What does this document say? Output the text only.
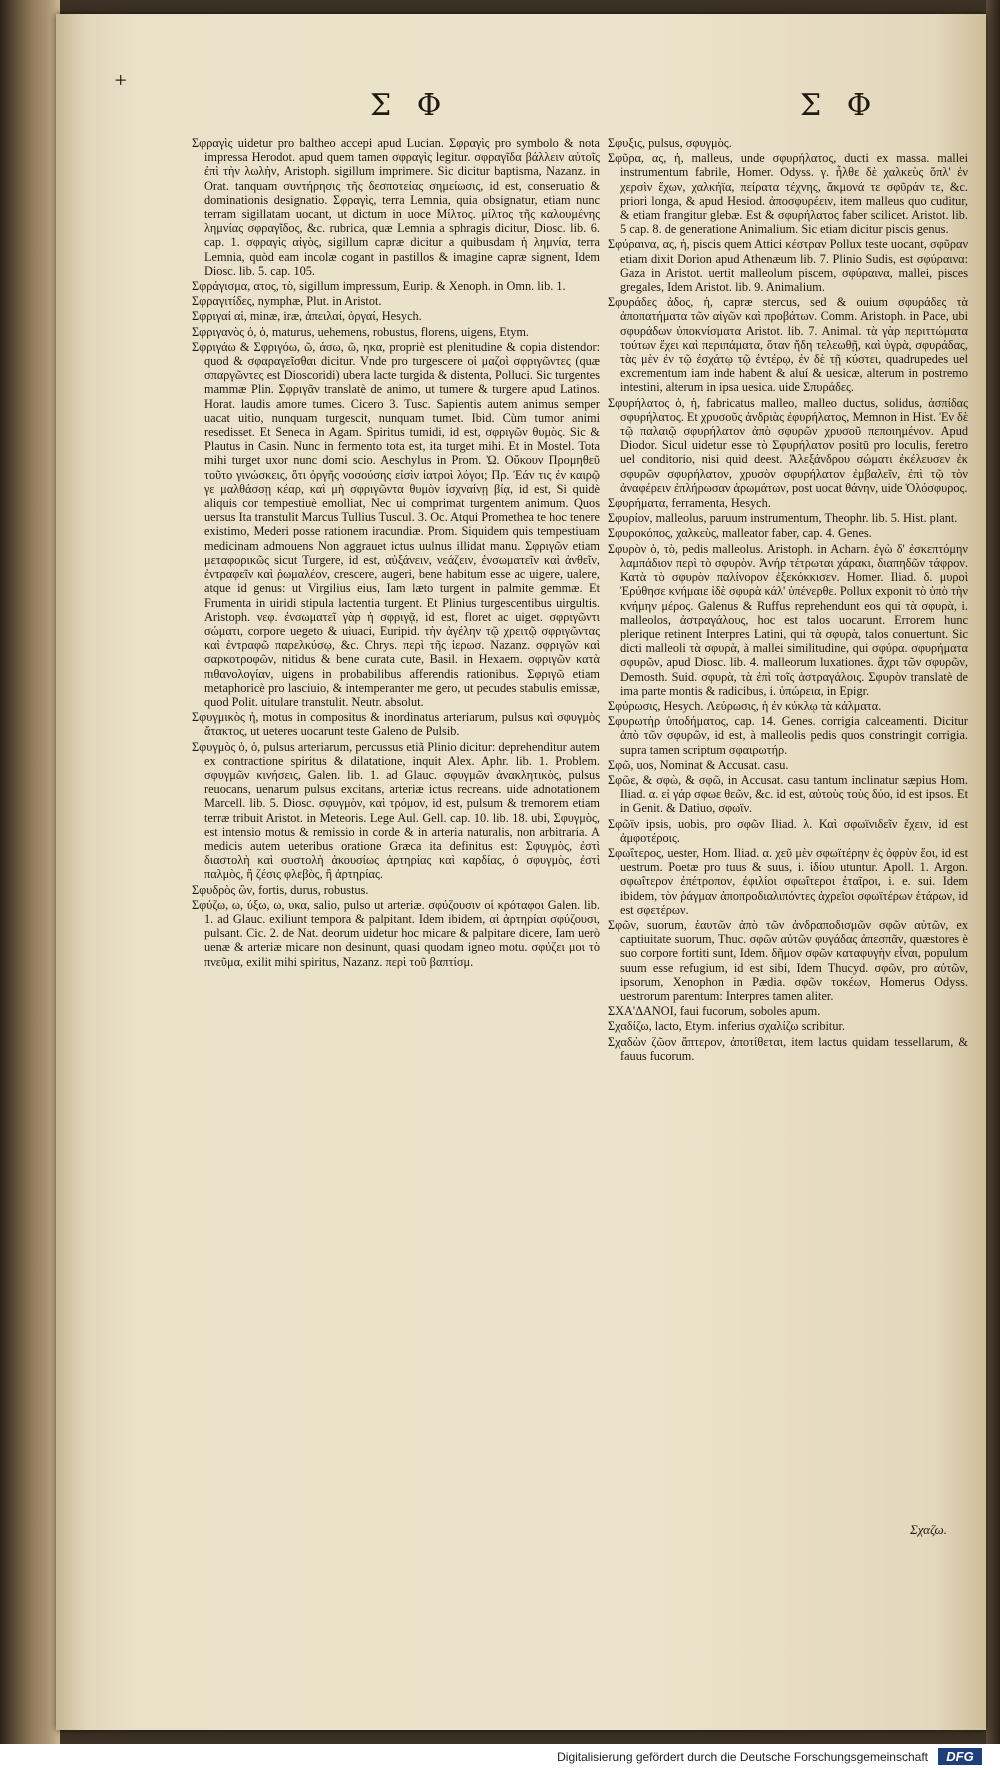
+
Σ Φ	Σ Φ

Σφραγὶς uidetur pro baltheo accepi apud Lucian. Σφραγὶς pro symbolo & nota impressa Herodot. apud quem tamen σφραγὶς legitur. σφραγῖδα βάλλειν αὐτοῖς ἐπὶ τὴν λωλὴν, Aristoph. sigillum imprimere. Sic dicitur baptisma, Nazanz. in Orat. tanquam συντήρησις τῆς δεσποτείας σημείωσις, id est, conseruatio & dominationis designatio. Σφραγὶς, terra Lemnia, quia obsignatur, etiam nunc terram sigillatam uocant, ut dictum in uoce Μίλτος. μίλτος τῆς καλουμένης λημνίας σφραγῖδος, &c. rubrica, quæ Lemnia a sphragis dicitur, Diosc. lib. 6. cap. 1. σφραγὶς αἰγὸς, sigillum capræ dicitur a quibusdam ἡ λημνία, terra Lemnia, quòd eam incolæ cogant in pastillos & imagine capræ signent, Idem Diosc. lib. 5. cap. 105.

Σφράγισμα, ατος, τὸ, sigillum impressum, Eurip. & Xenoph. in Omn. lib. 1.

Σφραγιτίδες, nymphæ, Plut. in Aristot.

Σφριγαί αἱ, minæ, iræ, ἀπειλαί, ὀργαί, Hesych.

Σφριγανὸς ὁ, ὁ, maturus, uehemens, robustus, florens, uigens, Etym.

Σφριγάω & Σφριγόω, ῶ, άσω, ῶ, ηκα, propriè est plenitudine & copia distendor: quod & σφαραγεῖσθαι dicitur. Vnde pro turgescere οἱ μαζοὶ σφριγῶντες (quæ σπαργῶντες est Dioscoridi) ubera lacte turgida & distenta, Polluci. Sic turgentes mammæ Plin. Σφριγᾶν translatè de animo, ut tumere & turgere apud Latinos. Horat. laudis amore tumes. Cicero 3. Tusc. Sapientis autem animus semper uacat uitio, nunquam turgescit, nunquam tumet. Ibid. Cùm tumor animi resedisset. Et Seneca in Agam. Spiritus tumidi, id est, σφριγῶν θυμὸς. Sic & Plautus in Casin. Nunc in fermento tota est, ita turget mihi. Et in Mostel. Tota mihi turget uxor nunc domi scio. Aeschylus in Prom. Ὠ. Οὔκουν Προμηθεῦ τοῦτο γινώσκεις, ὅτι ὀργῆς νοσούσης εἰσὶν ἰατροὶ λόγοι; Πρ. Ἐάν τις ἐν καιρῷ γε μαλθάσσῃ κέαρ, καὶ μὴ σφριγῶντα θυμὸν ἰσχναίνῃ βίᾳ, id est, Si quidè aliquis cor tempestiuè emolliat, Nec ui comprimat turgentem animum. Quos uersus Ita transtulit Marcus Tullius Tuscul. 3. Oc. Atqui Promethea te hoc tenere existimo, Mederi posse rationem iracundiæ. Prom. Siquidem quis tempestiuam medicinam admouens Non aggrauet ictus uulnus illidat manu. Σφριγῶν etiam μεταφορικῶς sicut Turgere, id est, αὐξάνειν, νεάζειν, ἐνσωματεῖν καὶ ἀνθεῖν, ἐντραφεῖν καὶ ῥωμαλέον, crescere, augeri, bene habitum esse ac uigere, ualere, atque id genus: ut Virgilius eius, Iam læto turgent in palmite gemmæ. Et Frumenta in uiridi stipula lactentia turgent. Et Plinius turgescentibus uirgultis. Aristoph. νεφ. ἐνσωματεῖ γὰρ ἡ σφριγᾷ, id est, floret ac uiget. σφριγῶντι σώματι, corpore uegeto & uiuaci, Euripid. τὴν ἀγέλην τῷ χρειτῷ σφριγῶντας καὶ ἐντραφῶ παρελκύσῳ, &c. Chrys. περὶ τῆς ἱερωσ. Nazanz. σφριγῶν καὶ σαρκοτροφῶν, nitidus & bene curata cute, Basil. in Hexaem. σφριγῶν κατὰ πιθανολογίαν, uigens in probabilibus afferendis rationibus. Σφριγῶ etiam metaphoricè pro lasciuio, & intemperanter me gero, ut pecudes stabulis emissæ, quod Polit. uitulare transtulit. Neutr. absolut.

Σφυγμικὸς ἡ, motus in compositus & inordinatus arteriarum, pulsus καὶ σφυγμὸς ἄτακτος, ut ueteres uocarunt teste Galeno de Pulsib.

Σφυγμὸς ὁ, ὁ, pulsus arteriarum, percussus etiã Plinio dicitur: deprehenditur autem ex contractione spiritus & dilatatione, inquit Alex. Aphr. lib. 1. Problem. σφυγμῶν κινήσεις, Galen. lib. 1. ad Glauc. σφυγμῶν ἀνακλητικὸς, pulsus reuocans, uenarum pulsus excitans, arteriæ ictus recreans. uide adnotationem Marcell. lib. 5. Diosc. σφυγμὸν, καὶ τρόμον, id est, pulsum & tremorem etiam terræ tribuit Aristot. in Meteoris. Lege Aul. Gell. cap. 10. lib. 18. ubi, Σφυγμὸς, est intensio motus & remissio in corde & in arteria naturalis, non arbitraria. A medicis autem ueteribus oratione Græca ita definitus est: Σφυγμὸς, ἐστὶ διαστολὴ καὶ συστολὴ ἀκουσίως ἀρτηρίας καὶ καρδίας, ὁ σφυγμὸς, ἐστὶ παλμὸς, ἢ ζέσις φλεβὸς, ἢ ἀρτηρίας.

Σφυδρὸς ὢν, fortis, durus, robustus.

Σφύζω, ω, ύξω, ω, υκα, salio, pulso ut arteriæ. σφύζουσιν οἱ κρόταφοι Galen. lib. 1. ad Glauc. exiliunt tempora & palpitant. Idem ibidem, αἱ ἀρτηρίαι σφύζουσι, pulsant. Cic. 2. de Nat. deorum uidetur hoc micare & palpitare dicere, Iam uerò uenæ & arteriæ micare non desinunt, quasi quodam igneo motu. σφύζει μοι τὸ πνεῦμα, exilit mihi spiritus, Nazanz. περὶ τοῦ βαπτίσμ.

Σφυξις, pulsus, σφυγμὸς.

Σφῦρα, ας, ἡ, malleus, unde σφυρήλατος, ducti ex massa. mallei instrumentum fabrile, Homer. Odyss. γ. ἦλθε δὲ χαλκεὺς ὅπλ' ἐν χερσὶν ἔχων, χαλκήϊα, πείρατα τέχνης, ἄκμονά τε σφῦράν τε, &c. priori longa, & apud Hesiod. ἀποσφυρέειν, item malleus quo cuditur, & etiam frangitur glebæ. Est & σφυρήλατος faber scilicet. Aristot. lib. 5 cap. 8. de generatione Animalium. Sic etiam dicitur piscis genus.

Σφύραινα, ας, ἡ, piscis quem Attici κέστραν Pollux teste uocant, σφῦραν etiam dixit Dorion apud Athenæum lib. 7. Plinio Sudis, est σφύραινα: Gaza in Aristot. uertit malleolum piscem, σφύραινα, mallei, pisces gregales, Idem Aristot. lib. 9. Animalium.

Σφυράδες ἀδος, ἡ, capræ stercus, sed & ouium σφυράδες τὰ ἀποπατήματα τῶν αἰγῶν καὶ προβάτων. Comm. Aristoph. in Pace, ubi σφυράδων ὑποκνίσματα Aristot. lib. 7. Animal. τὰ γὰρ περιττώματα τούτων ἔχει καὶ περιπάματα, ὅταν ἤδη τελεωθῇ, καὶ ὑγρὰ, σφυράδας, τὰς μὲν ἐν τῷ ἐσχάτῳ τῷ ἐντέρῳ, ἐν δὲ τῇ κύστει, quadrupedes uel excrementum iam inde habent & aluí & uesicæ, alterum in postremo intestini, alterum in ipsa uesica. uide Σπυράδες.

Σφυρήλατος ὁ, ἡ, fabricatus malleo, malleo ductus, solidus, ἀσπίδας σφυρήλατος. Et χρυσοῦς ἀνδριὰς ἐφυρήλατος, Memnon in Hist. Ἐν δὲ τῷ παλαιῷ σφυρήλατον ἀπὸ σφυρῶν χρυσοῦ πεποιημένον. Apud Diodor. Sicul uidetur esse τὸ Σφυρήλατον positū pro loculis, feretro uel conditorio, nisi quid deest. Ἀλεξάνδρου σώματι ἐκέλευσεν ἐκ σφυρῶν σφυρήλατον, χρυσὸν σφυρήλατον ἐμβαλεῖν, ἐπὶ τῷ τὸν ἀναφέρειν ἐπλήρωσαν ἀρωμάτων, post uocat θάνην, uide Ὁλόσφυρος.

Σφυρήματα, ferramenta, Hesych.

Σφυρίον, malleolus, paruum instrumentum, Theophr. lib. 5. Hist. plant.

Σφυροκόπος, χαλκεὺς, malleator faber, cap. 4. Genes.

Σφυρὸν ὁ, τὸ, pedis malleolus. Aristoph. in Acharn. ἐγὼ δ' ἐσκεπτόμην λαμπάδιον περὶ τὸ σφυρὸν. Ἀνήρ τέτρωται χάρακι, διαπηδῶν τάφρον. Κατὰ τὸ σφυρὸν παλίνορον ἐξεκόκκισεν. Homer. Iliad. δ. μυροὶ Ἐρύθησε κνήμαιε ἰδὲ σφυρὰ κάλ' ὑπένερθε. Pollux exponit τὸ ὑπὸ τὴν κνήμην μέρος. Galenus & Ruffus reprehendunt eos qui τὰ σφυρὰ, i. malleolos, ἀστραγάλους, hoc est talos uocarunt. Errorem hunc plerique retinent Interpres Latini, qui τὰ σφυρὰ, talos conuertunt. Sic dicti malleoli τὰ σφυρὰ, à mallei similitudine, qui σφύρα. σφυρήματα σφυρῶν, apud Diosc. lib. 4. malleorum luxationes. ἄχρι τῶν σφυρῶν, Demosth. Suid. σφυρὰ, τὰ ἐπὶ τοῖς ἀστραγάλοις. Σφυρὸν translatè de ima parte montis & radicibus, i. ὑπώρεια, in Epigr.

Σφύρωσις, Hesych. Λεύρωσις, ἡ ἐν κύκλῳ τὰ κάλματα.

Σφυρωτὴρ ὑποδήματος, cap. 14. Genes. corrigia calceamenti. Dicitur ἀπὸ τῶν σφυρῶν, id est, à malleolis pedis quos constringit corrigia. supra tamen scriptum σφαιρωτήρ.

Σφῶ, uos, Nominat & Accusat. casu.

Σφῶε, & σφὼ, & σφῶ, in Accusat. casu tantum inclinatur sæpius Hom. Iliad. α. εἰ γάρ σφωε θεῶν, &c. id est, αὐτοὺς τοὺς δύο, id est ipsos. Et in Genit. & Datiuo, σφωϊν.

Σφῶϊν ipsis, uobis, pro σφῶν Iliad. λ. Καὶ σφωϊνιδεῖν ἔχειν, id est ἀμφοτέροις.

Σφωΐτερος, uester, Hom. Iliad. α. χεῦ μὲν σφωϊτέρην ἐς ὀφρὺν ἕοι, id est uestrum. Poetæ pro tuus & suus, i. ἰδίου utuntur. Apoll. 1. Argon. σφωΐτερον ἐπέτροπον, ἐφιλίοι σφωΐτεροι ἑταῖροι, i. e. sui. Idem ibidem, τὸν ῥάγμαν ἀποπροδιαλιπόντες ἀχρεῖοι σφωϊτέρων ἑτάρων, id est σφετέρων.

Σφῶν, suorum, ἑαυτῶν ἀπὸ τῶν ἀνδραποδισμῶν σφῶν αὐτῶν, ex captiuitate suorum, Thuc. σφῶν αὐτῶν φυγάδας ἀπεσπᾶν, quæstores è suo corpore fortiti sunt, Idem. δῆμον σφῶν καταφυγὴν εἶναι, populum suum esse refugium, id est sibi, Idem Thucyd. σφῶν, pro αὐτῶν, ipsorum, Xenophon in Pædia. σφῶν τοκέων, Homerus Odyss. uestrorum parentum: Interpres tamen aliter.

ΣΧΑ'ΔΑΝΟΙ, faui fucorum, soboles apum.

Σχαδίζω, lacto, Etym. inferius σχαλίζω scribitur.

Σχαδὼν ζῶον ἄπτερον, ἀποτίθεται, item lactus quidam tessellarum, & fauus fucorum.

Σχαζω.
Digitalisierung gefördert durch die Deutsche Forschungsgemeinschaft	DFG
